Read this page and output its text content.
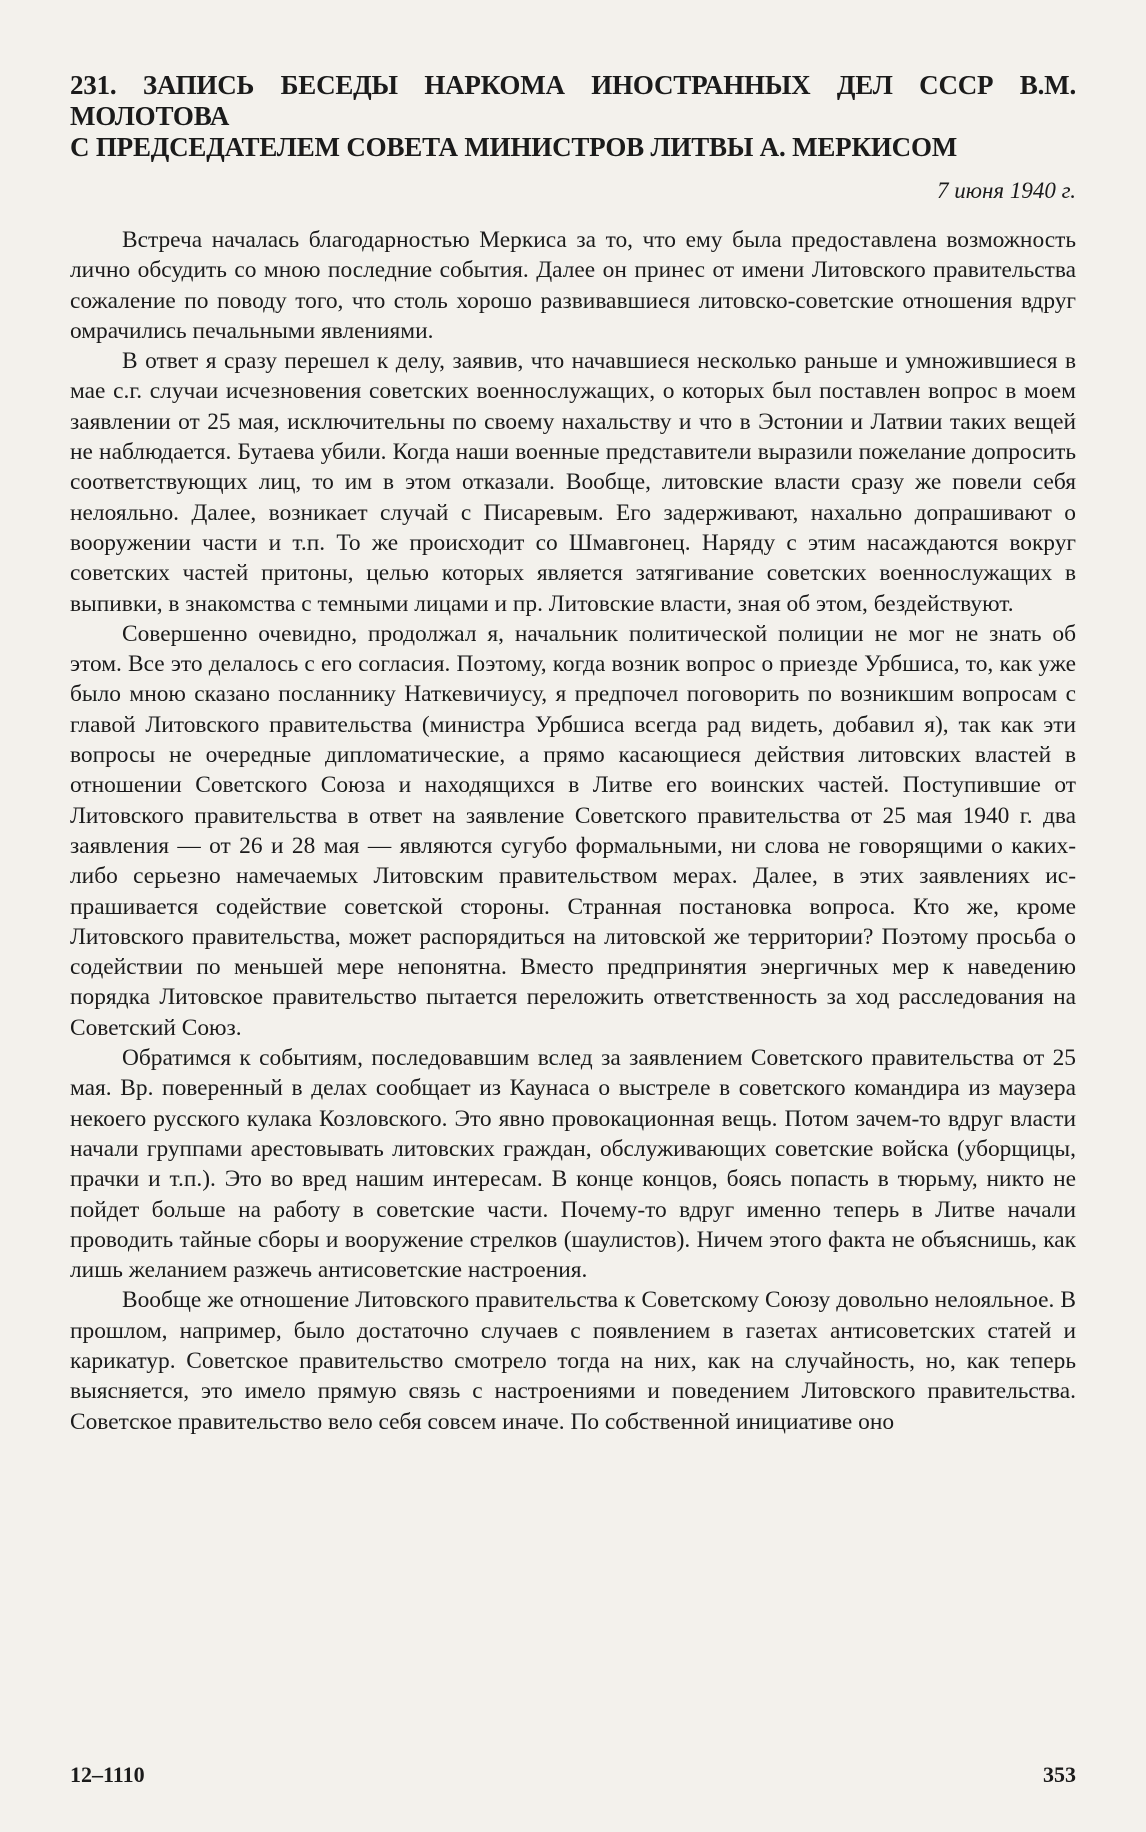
231. ЗАПИСЬ БЕСЕДЫ НАРКОМА ИНОСТРАННЫХ ДЕЛ СССР В.М. МОЛОТОВА
С ПРЕДСЕДАТЕЛЕМ СОВЕТА МИНИСТРОВ ЛИТВЫ А. МЕРКИСОМ
7 июня 1940 г.

Встреча началась благодарностью Меркиса за то, что ему была предоставлена возможность лично обсудить со мною последние события. Далее он принес от имени Литовского правительства сожаление по поводу того, что столь хорошо развивавшиеся литовско-советские отношения вдруг омрачились печальными явлениями.

В ответ я сразу перешел к делу, заявив, что начавшиеся несколько раньше и умножившиеся в мае с.г. случаи исчезновения советских военнослужащих, о которых был поставлен вопрос в моем заявлении от 25 мая, исключительны по своему нахальству и что в Эстонии и Латвии таких вещей не наблюдается. Бутаева убили. Когда наши военные представители выразили пожелание допросить соответствующих лиц, то им в этом отказали. Вообще, литовские власти сразу же повели себя нелояльно. Далее, возникает случай с Писаревым. Его задерживают, нахально допрашивают о вооружении части и т.п. То же происходит со Шмавгонец. Наряду с этим насаждаются вокруг советских частей притоны, целью которых является затягивание советских военнослужащих в выпивки, в знакомства с темными лицами и пр. Литовские власти, зная об этом, бездействуют.

Совершенно очевидно, продолжал я, начальник политической полиции не мог не знать об этом. Все это делалось с его согласия. Поэтому, когда возник вопрос о приезде Урбшиса, то, как уже было мною сказано посланнику Наткевичиусу, я предпочел поговорить по возникшим вопросам с главой Литовского правительства (министра Урбшиса всегда рад видеть, добавил я), так как эти вопросы не очередные дипломатические, а прямо касающиеся действия литовских властей в отношении Советского Союза и находящихся в Литве его воинских частей. Поступившие от Литовского правительства в ответ на заявление Советского правительства от 25 мая 1940 г. два заявления — от 26 и 28 мая — являются сугубо формальными, ни слова не говорящими о каких-либо серьезно намечаемых Литовским правительством мерах. Далее, в этих заявлениях испрашивается содействие советской стороны. Странная постановка вопроса. Кто же, кроме Литовского правительства, может распорядиться на литовской же территории? Поэтому просьба о содействии по меньшей мере непонятна. Вместо предпринятия энергичных мер к наведению порядка Литовское правительство пытается переложить ответственность за ход расследования на Советский Союз.

Обратимся к событиям, последовавшим вслед за заявлением Советского правительства от 25 мая. Вр. поверенный в делах сообщает из Каунаса о выстреле в советского командира из маузера некоего русского кулака Козловского. Это явно провокационная вещь. Потом зачем-то вдруг власти начали группами арестовывать литовских граждан, обслуживающих советские войска (уборщицы, прачки и т.п.). Это во вред нашим интересам. В конце концов, боясь попасть в тюрьму, никто не пойдет больше на работу в советские части. Почему-то вдруг именно теперь в Литве начали проводить тайные сборы и вооружение стрелков (шаулистов). Ничем этого факта не объяснишь, как лишь желанием разжечь антисоветские настроения.

Вообще же отношение Литовского правительства к Советскому Союзу довольно нелояльное. В прошлом, например, было достаточно случаев с появлением в газетах антисоветских статей и карикатур. Советское правительство смотрело тогда на них, как на случайность, но, как теперь выясняется, это имело прямую связь с настроениями и поведением Литовского правительства. Советское правительство вело себя совсем иначе. По собственной инициативе оно

12–1110	353
